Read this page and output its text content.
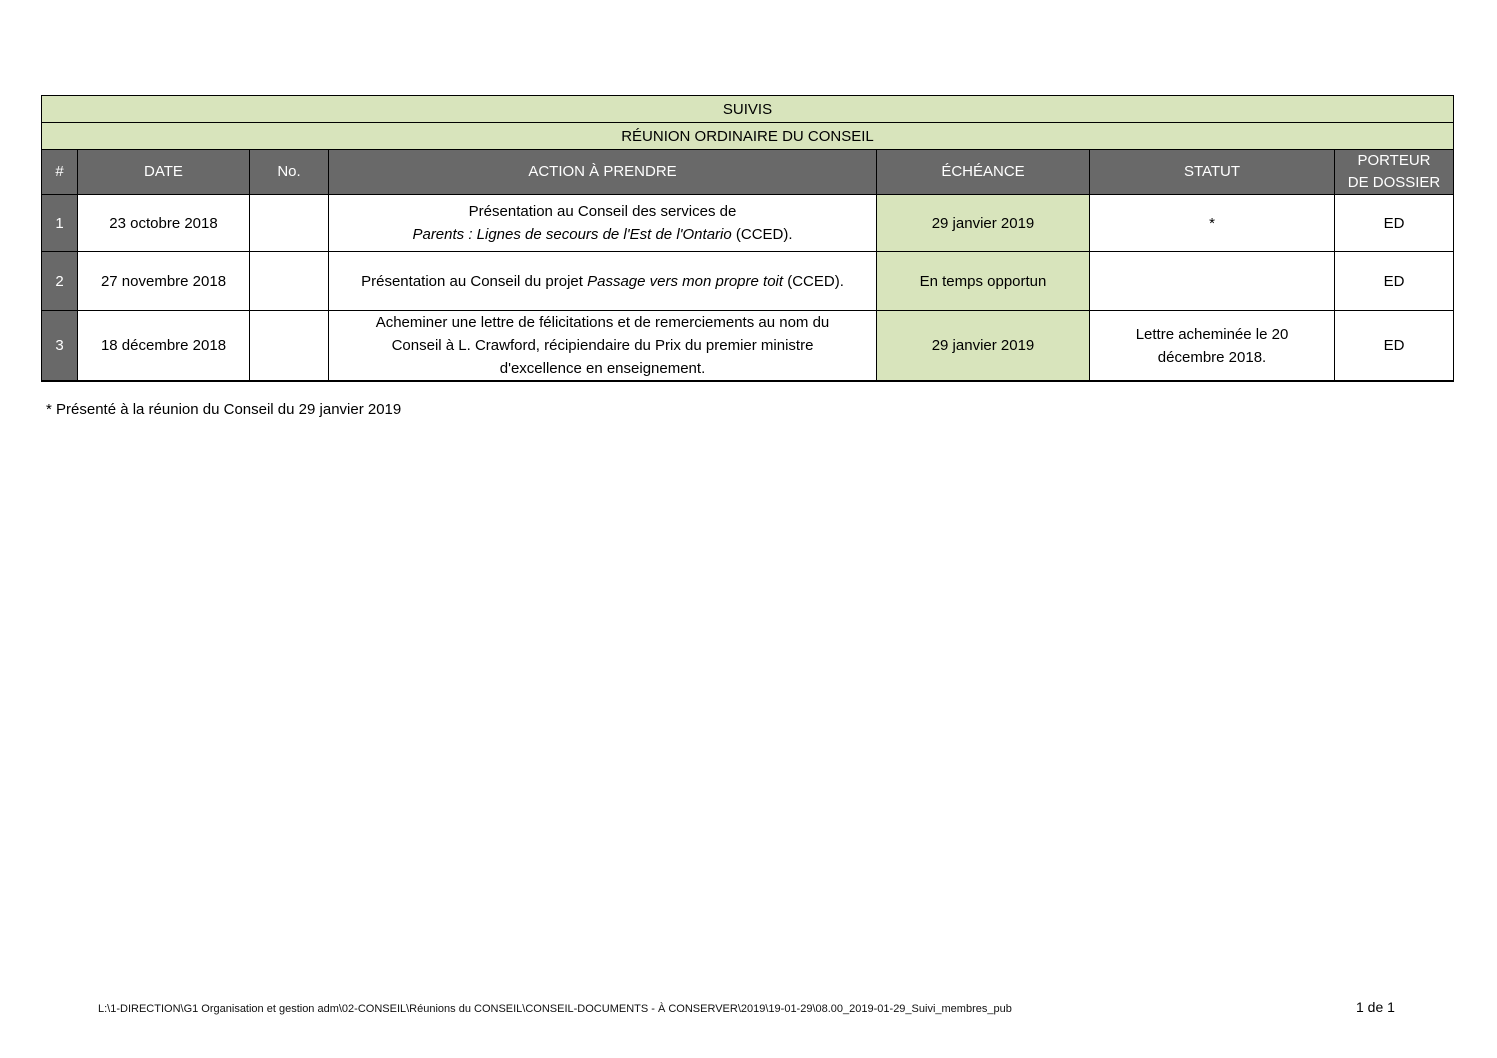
SUIVIS						
RÉUNION ORDINAIRE DU CONSEIL						
#	DATE	No.	ACTION À PRENDRE	ÉCHÉANCE	STATUT	PORTEUR
DE DOSSIER
1	23 octobre 2018		Présentation au Conseil des services de
Parents : Lignes de secours de l'Est de l'Ontario (CCED).	29 janvier 2019	*	ED
2	27 novembre 2018		Présentation au Conseil du projet Passage vers mon propre toit (CCED).	En temps opportun		ED
3	18 décembre 2018		Acheminer une lettre de félicitations et de remerciements au nom du
Conseil à L. Crawford, récipiendaire du Prix du premier ministre
d'excellence en enseignement.	29 janvier 2019	Lettre acheminée le 20
décembre 2018.	ED
* Présenté à la réunion du Conseil du 29 janvier 2019
L:\1-DIRECTION\G1 Organisation et gestion adm\02-CONSEIL\Réunions du CONSEIL\CONSEIL-DOCUMENTS - À CONSERVER\2019\19-01-29\08.00_2019-01-29_Suivi_membres_pub	1 de 1
